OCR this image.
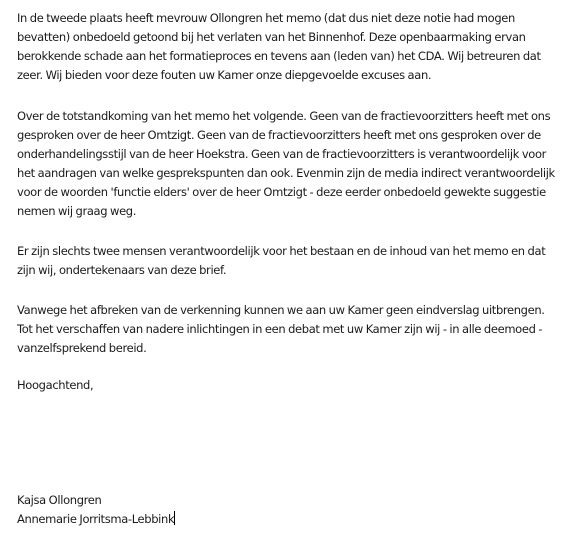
In de tweede plaats heeft mevrouw Ollongren het memo (dat dus niet deze notie had mogen
bevatten) onbedoeld getoond bij het verlaten van het Binnenhof. Deze openbaarmaking ervan
berokkende schade aan het formatieproces en tevens aan (leden van) het CDA. Wij betreuren dat
zeer. Wij bieden voor deze fouten uw Kamer onze diepgevoelde excuses aan.

Over de totstandkoming van het memo het volgende. Geen van de fractievoorzitters heeft met ons
gesproken over de heer Omtzigt. Geen van de fractievoorzitters heeft met ons gesproken over de
onderhandelingsstijl van de heer Hoekstra. Geen van de fractievoorzitters is verantwoordelijk voor
het aandragen van welke gesprekspunten dan ook. Evenmin zijn de media indirect verantwoordelijk
voor de woorden 'functie elders' over de heer Omtzigt - deze eerder onbedoeld gewekte suggestie
nemen wij graag weg.

Er zijn slechts twee mensen verantwoordelijk voor het bestaan en de inhoud van het memo en dat
zijn wij, ondertekenaars van deze brief.

Vanwege het afbreken van de verkenning kunnen we aan uw Kamer geen eindverslag uitbrengen.
Tot het verschaffen van nadere inlichtingen in een debat met uw Kamer zijn wij - in alle deemoed -
vanzelfsprekend bereid.

Hoogachtend,

Kajsa Ollongren
Annemarie Jorritsma-Lebbink
